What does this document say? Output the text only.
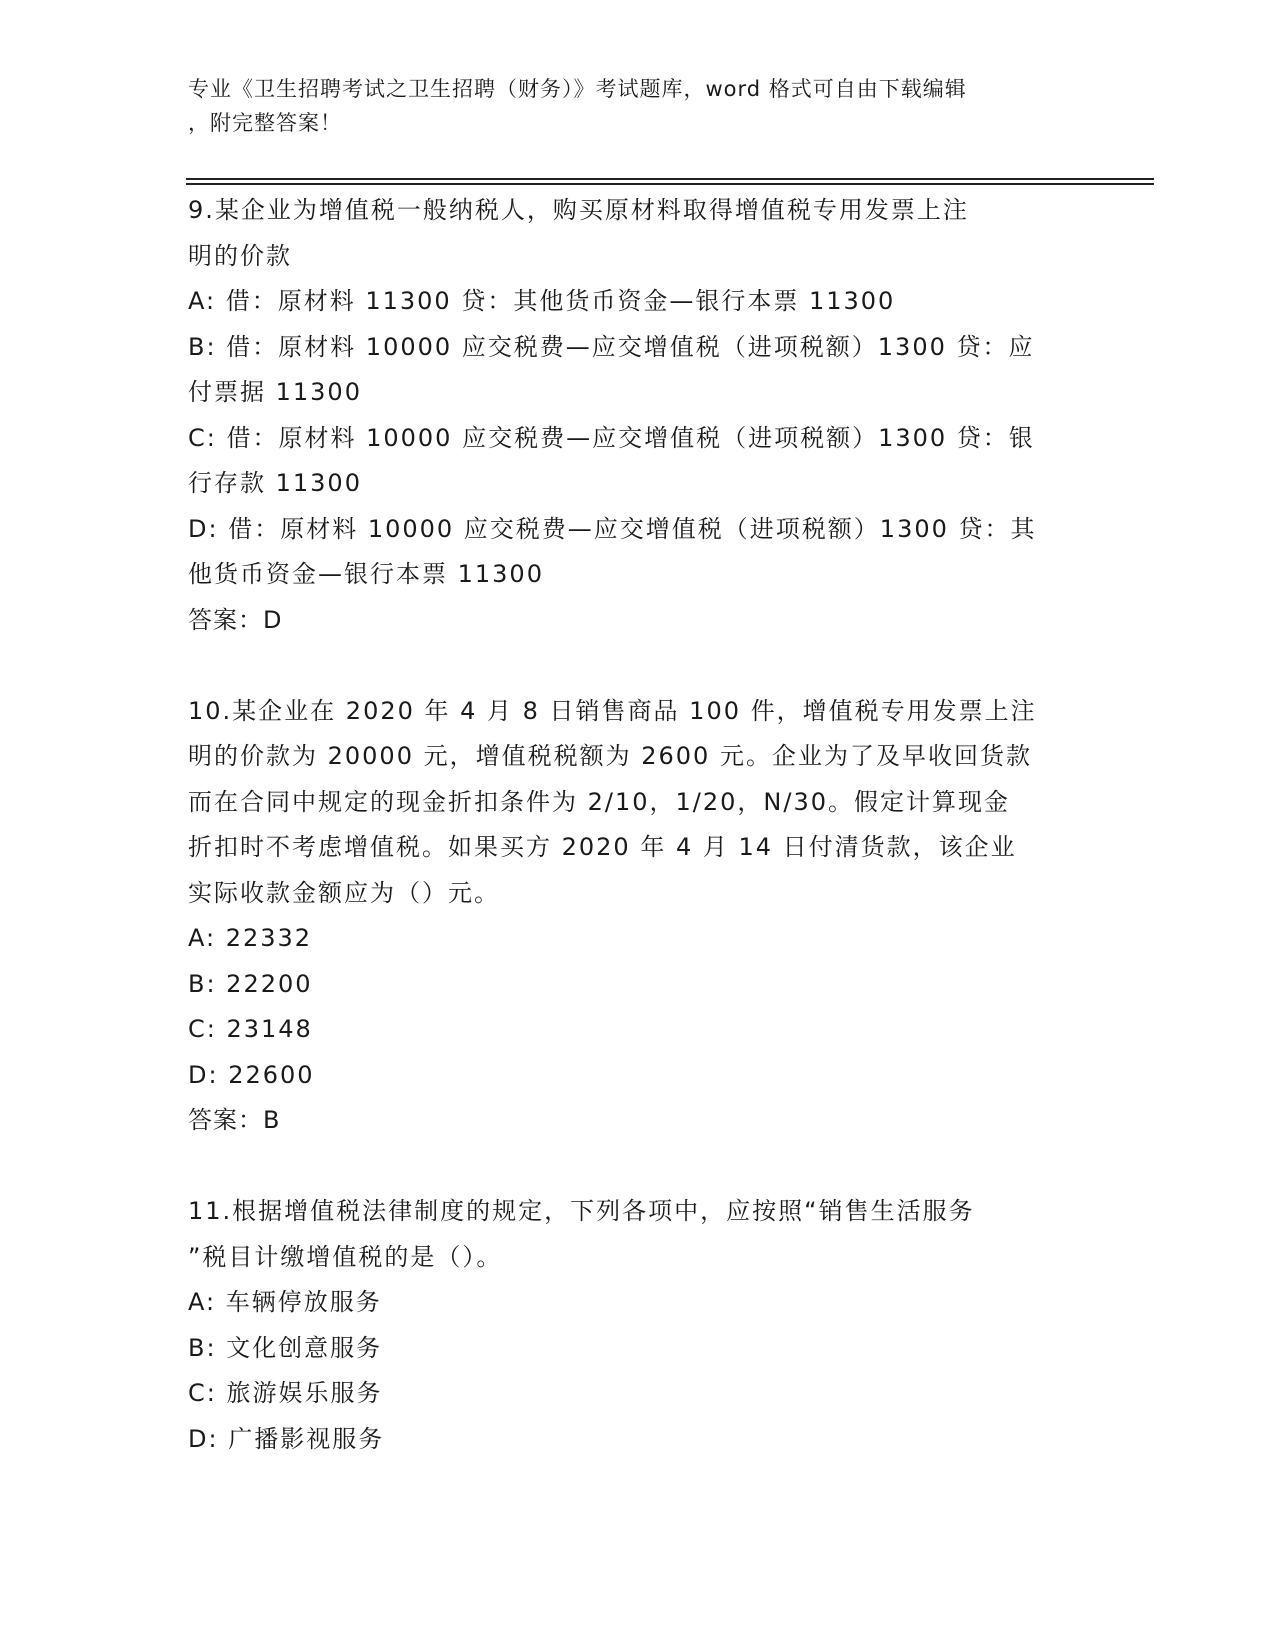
专业《卫生招聘考试之卫生招聘（财务）》考试题库，word 格式可自由下载编辑
，附完整答案！
9.某企业为增值税一般纳税人，购买原材料取得增值税专用发票上注
明的价款
A: 借：原材料 11300 贷：其他货币资金—银行本票 11300
B: 借：原材料 10000 应交税费—应交增值税（进项税额）1300 贷：应
付票据 11300
C: 借：原材料 10000 应交税费—应交增值税（进项税额）1300 贷：银
行存款 11300
D: 借：原材料 10000 应交税费—应交增值税（进项税额）1300 贷：其
他货币资金—银行本票 11300
答案：D
10.某企业在 2020 年 4 月 8 日销售商品 100 件，增值税专用发票上注
明的价款为 20000 元，增值税税额为 2600 元。企业为了及早收回货款
而在合同中规定的现金折扣条件为 2/10，1/20，N/30。假定计算现金
折扣时不考虑增值税。如果买方 2020 年 4 月 14 日付清货款，该企业
实际收款金额应为（）元。
A: 22332
B: 22200
C: 23148
D: 22600
答案：B
11.根据增值税法律制度的规定，下列各项中，应按照“销售生活服务
”税目计缴增值税的是（）。
A: 车辆停放服务
B: 文化创意服务
C: 旅游娱乐服务
D: 广播影视服务
